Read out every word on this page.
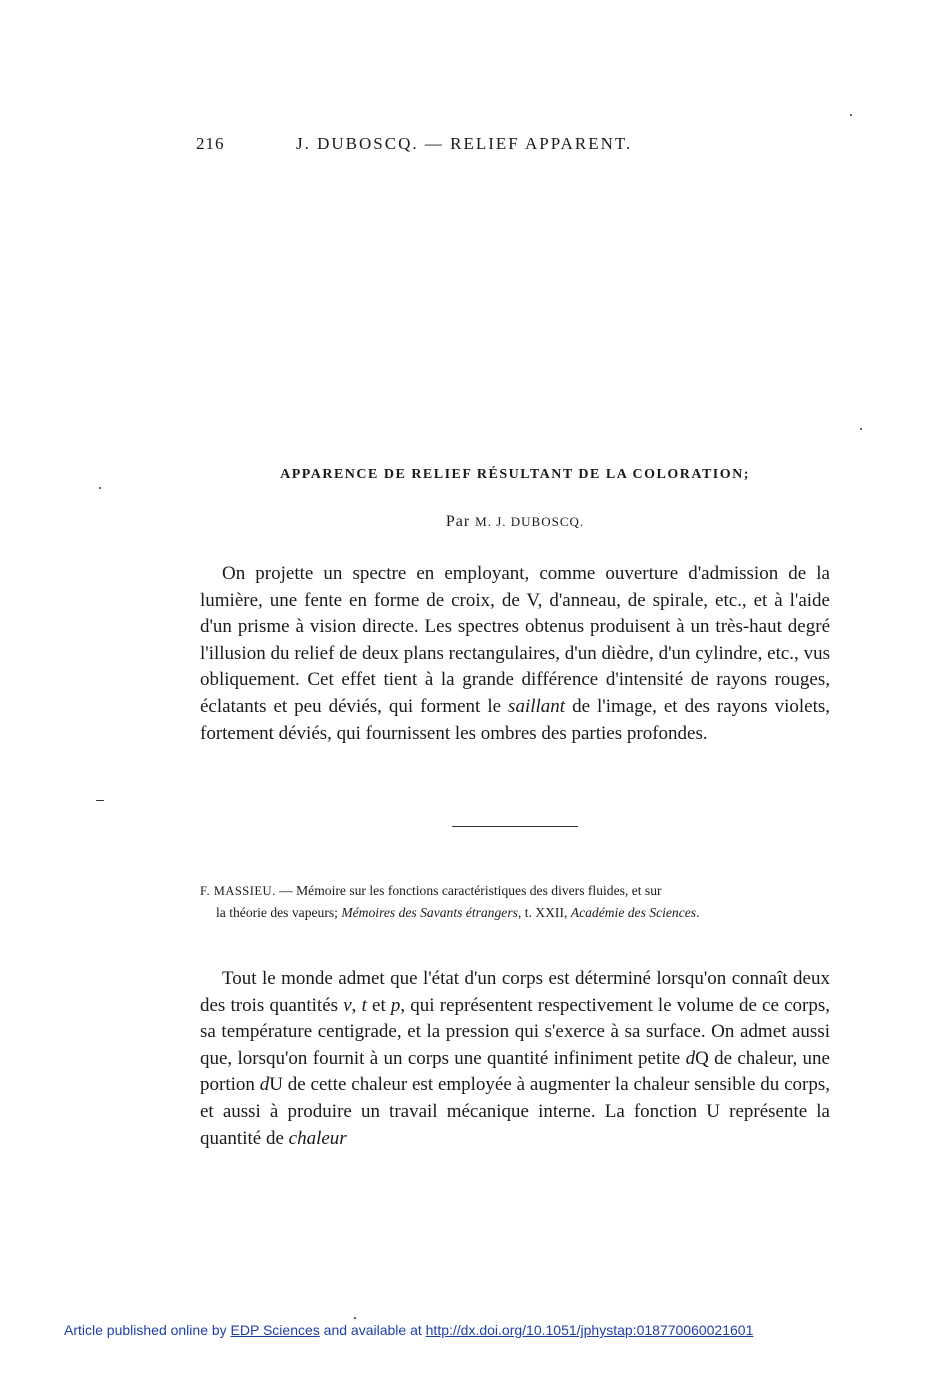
216	J. DUBOSCQ. — RELIEF APPARENT.
APPARENCE DE RELIEF RÉSULTANT DE LA COLORATION;
Par M. J. DUBOSCQ.

On projette un spectre en employant, comme ouverture d'admission de la lumière, une fente en forme de croix, de V, d'anneau, de spirale, etc., et à l'aide d'un prisme à vision directe. Les spectres obtenus produisent à un très-haut degré l'illusion du relief de deux plans rectangulaires, d'un dièdre, d'un cylindre, etc., vus obliquement. Cet effet tient à la grande différence d'intensité de rayons rouges, éclatants et peu déviés, qui forment le saillant de l'image, et des rayons violets, fortement déviés, qui fournissent les ombres des parties profondes.

F. MASSIEU. — Mémoire sur les fonctions caractéristiques des divers fluides, et sur
la théorie des vapeurs; Mémoires des Savants étrangers, t. XXII, Académie des Sciences.

Tout le monde admet que l'état d'un corps est déterminé lorsqu'on connaît deux des trois quantités v, t et p, qui représentent respectivement le volume de ce corps, sa température centigrade, et la pression qui s'exerce à sa surface. On admet aussi que, lorsqu'on fournit à un corps une quantité infiniment petite dQ de chaleur, une portion dU de cette chaleur est employée à augmenter la chaleur sensible du corps, et aussi à produire un travail mécanique interne. La fonction U représente la quantité de chaleur

Article published online by EDP Sciences and available at http://dx.doi.org/10.1051/jphystap:018770060021601
